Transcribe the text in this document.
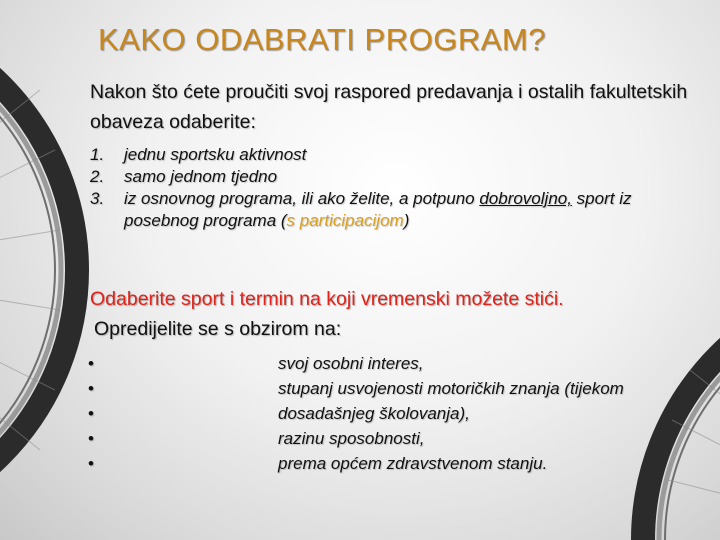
KAKO ODABRATI PROGRAM?
Nakon što ćete proučiti svoj raspored predavanja i ostalih fakultetskih obaveza odaberite:
1.	jednu sportsku aktivnost
2.	samo jednom tjedno
3.	iz osnovnog programa, ili ako želite, a potpuno dobrovoljno, sport iz posebnog programa (s participacijom)
Odaberite sport i termin na koji vremenski možete stići.
Opredijelite se s obzirom na:
•	svoj osobni interes,
•	stupanj usvojenosti motoričkih znanja (tijekom
•	dosadašnjeg školovanja),
•	razinu sposobnosti,
•	prema općem zdravstvenom stanju.
